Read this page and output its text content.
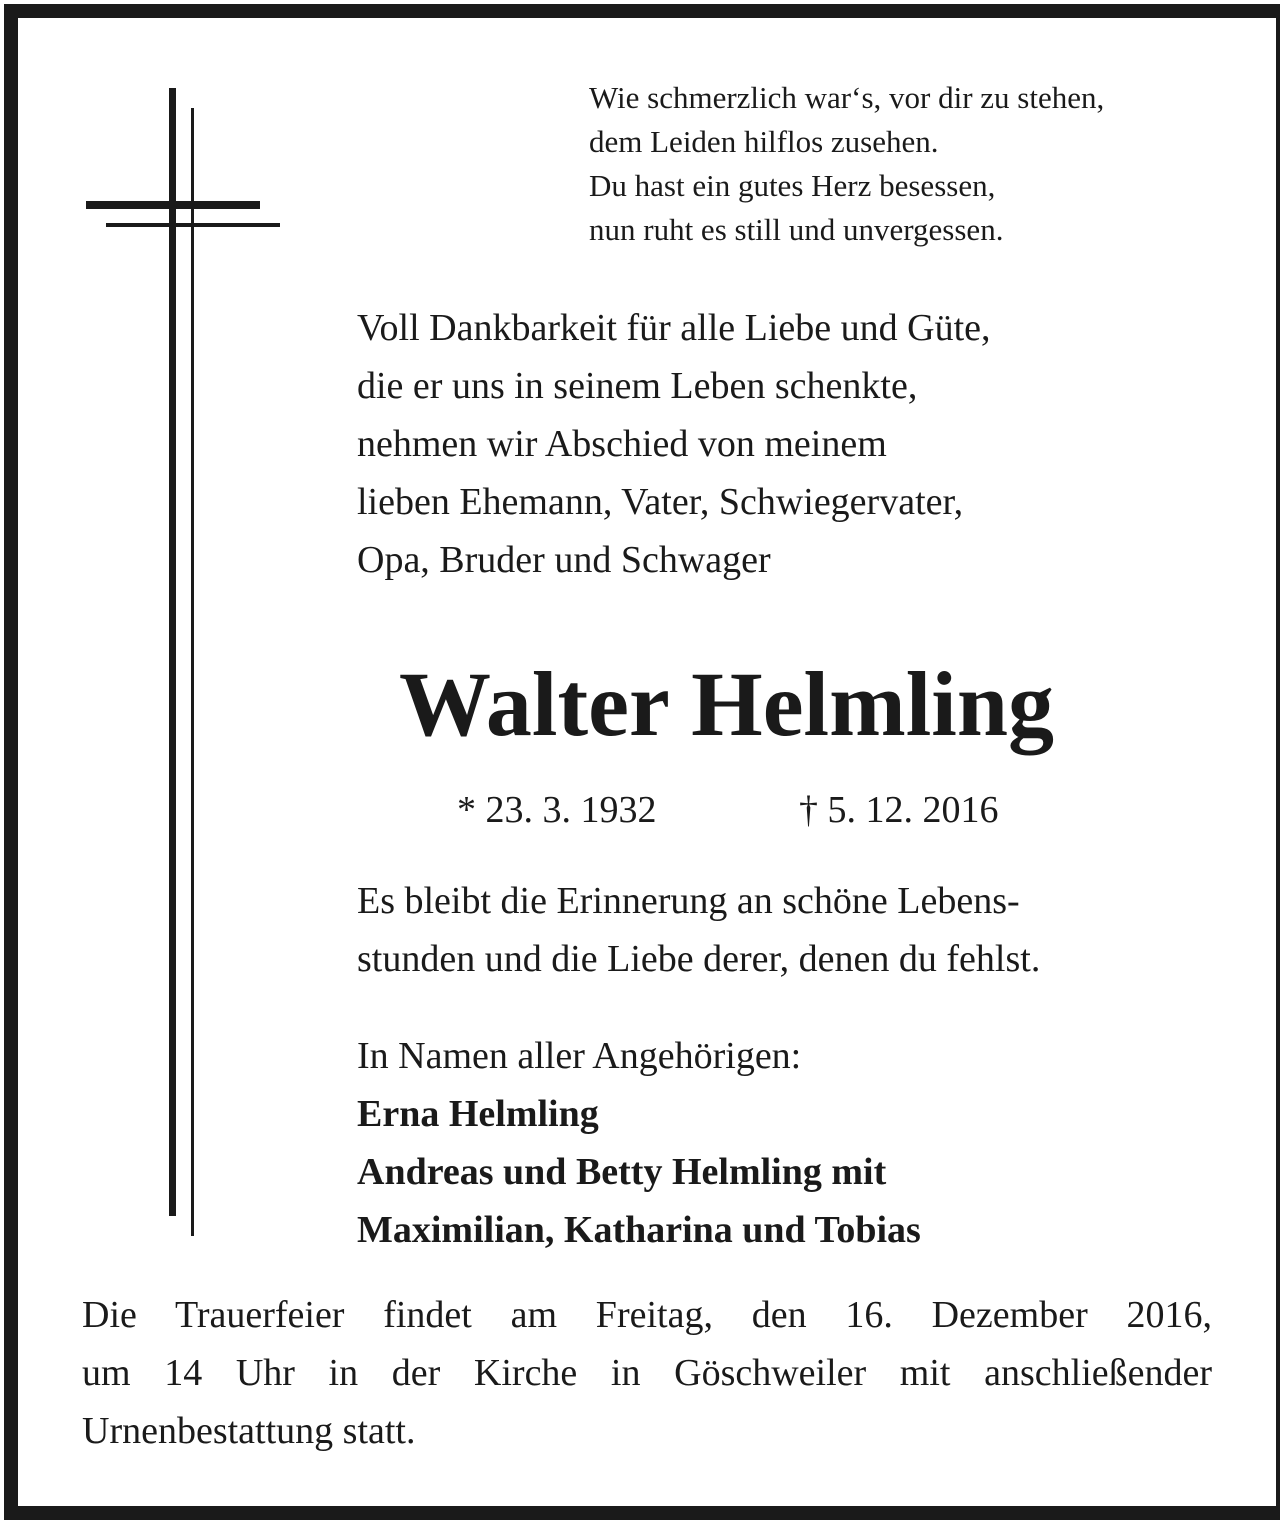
Wie schmerzlich war‘s, vor dir zu stehen,
dem Leiden hilflos zusehen.
Du hast ein gutes Herz besessen,
nun ruht es still und unvergessen.
Voll Dankbarkeit für alle Liebe und Güte,
die er uns in seinem Leben schenkte,
nehmen wir Abschied von meinem
lieben Ehemann, Vater, Schwiegervater,
Opa, Bruder und Schwager
Walter Helmling
* 23. 3. 1932	† 5. 12. 2016
Es bleibt die Erinnerung an schöne Lebens-
stunden und die Liebe derer, denen du fehlst.
In Namen aller Angehörigen:
Erna Helmling
Andreas und Betty Helmling mit
Maximilian, Katharina und Tobias
Die Trauerfeier findet am Freitag, den 16. Dezember 2016,
um 14 Uhr in der Kirche in Göschweiler mit anschließender
Urnenbestattung statt.
